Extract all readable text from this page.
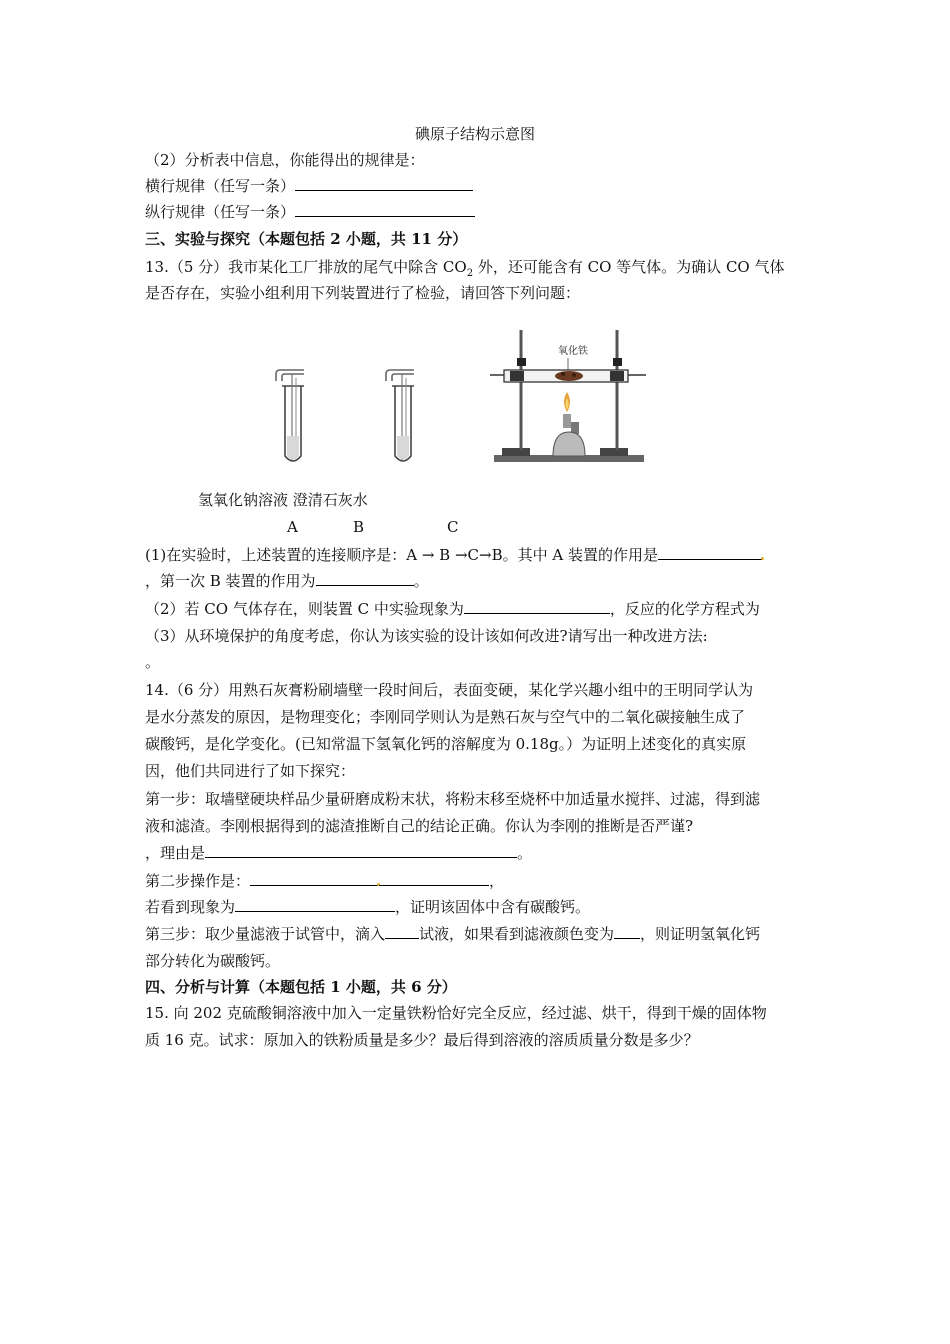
碘原子结构示意图
（2）分析表中信息，你能得出的规律是：
横行规律（任写一条）
纵行规律（任写一条）
三、实验与探究（本题包括 2 小题，共 11 分）
13.（5 分）我市某化工厂排放的尾气中除含 $CO_2$ 外，还可能含有 CO 等气体。为确认 CO 气体
是否存在，实验小组利用下列装置进行了检验，请回答下列问题：
氧化铁
氢氧化钠溶液 澄清石灰水
A	B	C
(1)在实验时，上述装置的连接顺序是：A → B →C→B。其中 A 装置的作用是
，第一次 B 装置的作用为	。
（2）若 CO 气体存在，则装置 C 中实验现象为	，反应的化学方程式为
（3）从环境保护的角度考虑，你认为该实验的设计该如何改进?请写出一种改进方法:
。
14.（6 分）用熟石灰膏粉刷墙壁一段时间后，表面变硬，某化学兴趣小组中的王明同学认为
是水分蒸发的原因，是物理变化；李刚同学则认为是熟石灰与空气中的二氧化碳接触生成了
碳酸钙，是化学变化。(已知常温下氢氧化钙的溶解度为 0.18g。）为证明上述变化的真实原
因，他们共同进行了如下探究：
第一步：取墙壁硬块样品少量研磨成粉末状，将粉末移至烧杯中加适量水搅拌、过滤，得到滤
液和滤渣。李刚根据得到的滤渣推断自己的结论正确。你认为李刚的推断是否严谨?
，理由是	。
第二步操作是：	，
若看到现象为	，证明该固体中含有碳酸钙。
第三步：取少量滤液于试管中，滴入 试液，如果看到滤液颜色变为 ，则证明氢氧化钙
部分转化为碳酸钙。
四、分析与计算（本题包括 1 小题，共 6 分）
15. 向 202 克硫酸铜溶液中加入一定量铁粉恰好完全反应，经过滤、烘干，得到干燥的固体物
质 16 克。试求：原加入的铁粉质量是多少？最后得到溶液的溶质质量分数是多少？
